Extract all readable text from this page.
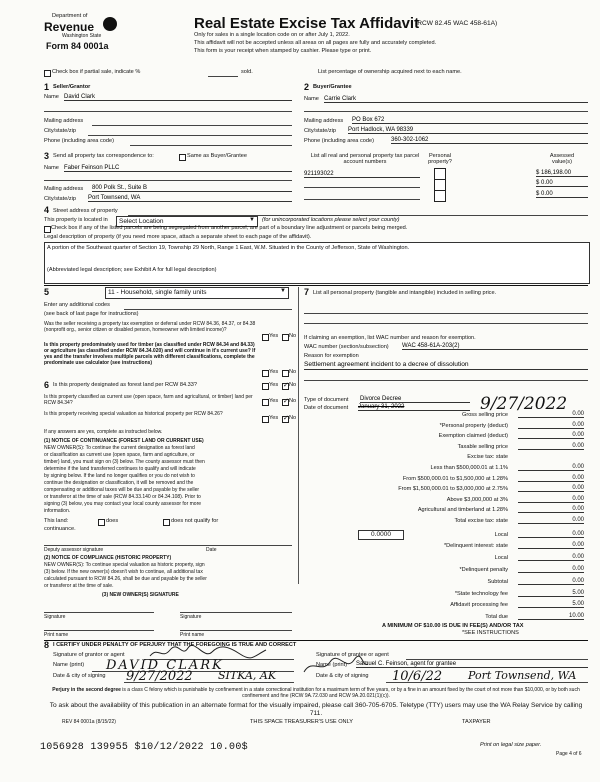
Department of
Revenue
Washington State
Form 84 0001a
Real Estate Excise Tax Affidavit
(RCW 82.45 WAC 458-61A)
Only for sales in a single location code on or after July 1, 2022.
This affidavit will not be accepted unless all areas on all pages are fully and accurately completed.
This form is your receipt when stamped by cashier. Please type or print.
Check box if partial sale, indicate %	sold.	List percentage of ownership acquired next to each name.
1 Seller/Grantor
Name David Clark
Mailing address
City/state/zip
Phone (including area code)
2 Buyer/Grantee
Name Carrie Clark
Mailing address PO Box 672
City/state/zip Port Hadlock, WA 98339
Phone (including area code)	360-302-1062
3 Send all property tax correspondence to:	Same as Buyer/Grantee
Name Faber Feinson PLLC
Mailing address 800 Polk St., Suite B
City/state/zip Port Townsend, WA
List all real and personal property tax parcel account numbers
Personal property?
Assessed value(s)
921193022	$ 186,198.00
$ 0.00
$ 0.00
4 Street address of property
This property is located in	Select Location	▼ (for unincorporated locations please select your county)
Check box if any of the listed parcels are being segregated from another parcel, are part of a boundary line adjustment or parcels being merged.
Legal description of property (if you need more space, attach a separate sheet to each page of the affidavit).
A portion of the Southeast quarter of Section 19, Township 29 North, Range 1 East, W.M. Situated in the County of Jefferson, State of Washington.
(Abbreviated legal description; see Exhibit A for full legal description)
5	11 - Household, single family units	▼
Enter any additional codes
(see back of last page for instructions)
Was the seller receiving a property tax exemption or deferral under RCW 84.36, 84.37, or 84.38 (nonprofit org., senior citizen or disabled person, homeowner with limited income)?
Yes No
Is this property predominately used for timber (as classified under RCW 84.34 and 84.33) or agriculture (as classified under RCW 84.34.020) and will continue in it's current use? If yes and the transfer involves multiple parcels with different classifications, complete the predominate use calculator (see instructions)
Yes No
6 Is this property designated as forest land per RCW 84.33?	Yes ✓ No
Is this property classified as current use (open space, farm and agricultural, or timber) land per RCW 84.34?	Yes ✓ No
Is this property receiving special valuation as historical property per RCW 84.26?
Yes ✓ No
If any answers are yes, complete as instructed below.
(1) NOTICE OF CONTINUANCE (FOREST LAND OR CURRENT USE)
NEW OWNER(S): To continue the current designation as forest land
or classification as current use (open space, farm and agriculture, or
timber) land, you must sign on (3) below. The county assessor must then
determine if the land transferred continues to qualify and will indicate
by signing below. If the land no longer qualifies or you do not wish to
continue the designation or classification, it will be removed and the
compensating or additional taxes will be due and payable by the seller
or transferor at the time of sale (RCW 84.33.140 or 84.34.108). Prior to
signing (3) below, you may contact your local county assessor for more
information.
This land:	does	does not qualify for
continuance.
Deputy assessor signature	Date
(2) NOTICE OF COMPLIANCE (HISTORIC PROPERTY)
NEW OWNER(S): To continue special valuation as historic property, sign
(3) below. If the new owner(s) doesn't wish to continue, all additional tax
calculated pursuant to RCW 84.26, shall be due and payable by the seller
or transferor at the time of sale.
(3) NEW OWNER(S) SIGNATURE
Signature	Signature
Print name	Print name
7 List all personal property (tangible and intangible) included in selling price.
If claiming an exemption, list WAC number and reason for exemption.
WAC number (section/subsection) WAC 458-61A-203(2)
Reason for exemption
Settlement agreement incident to a decree of dissolution
Type of document Divorce Decree
Date of document January 31, 2022	9/27/2022
Gross selling price	0.00
*Personal property (deduct)	0.00
Exemption claimed (deduct)	0.00
Taxable selling price	0.00
Excise tax: state
Less than $500,000.01 at 1.1%	0.00
From $500,000.01 to $1,500,000 at 1.28%	0.00
From $1,500,000.01 to $3,000,000 at 2.75%	0.00
Above $3,000,000 at 3%	0.00
Agricultural and timberland at 1.28%	0.00
Total excise tax: state	0.00
0.0000	Local	0.00
*Delinquent interest: state	0.00
Local	0.00
*Delinquent penalty	0.00
Subtotal	0.00
*State technology fee	5.00
Affidavit processing fee	5.00
Total due	10.00
A MINIMUM OF $10.00 IS DUE IN FEE(S) AND/OR TAX
*SEE INSTRUCTIONS
8 I CERTIFY UNDER PENALTY OF PERJURY THAT THE FOREGOING IS TRUE AND CORRECT
Signature of grantor or agent
Name (print) DAVID CLARK
Date & city of signing 9/27/2022 SITKA, AK
Signature of grantee or agent
Name (print) Samuel C. Feinson, agent for grantee
Date & city of signing 10/6/22 Port Townsend, WA
Perjury in the second degree is a class C felony which is punishable by confinement in a state correctional institution for a maximum term of five years, or by a fine in an amount fixed by the court of not more than $10,000, or by both such confinement and fine (RCW 9A.72.030 and RCW 9A.20.021(1)(c)).
To ask about the availability of this publication in an alternate format for the visually impaired, please call 360-705-6705. Teletype (TTY) users may use the WA Relay Service by calling 711.
REV 84 0001a (8/15/22)	THIS SPACE TREASURER'S USE ONLY	TAXPAYER
1056928 139955 $10/12/2022 10.00$	Print on legal size paper.
Page 4 of 6
